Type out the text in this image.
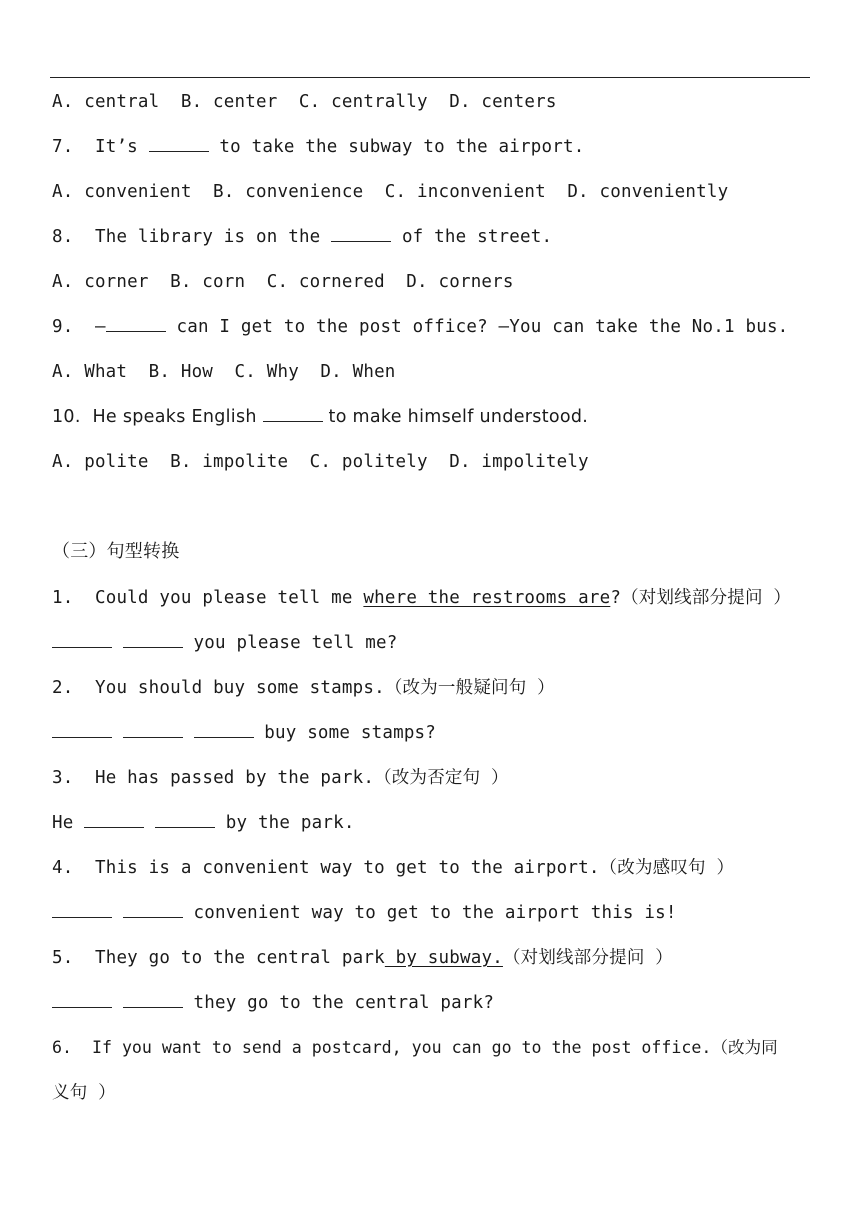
A. central  B. center  C. centrally  D. centers
7. It’s	to take the subway to the airport.
A. convenient  B. convenience  C. inconvenient  D. conveniently
8. The library is on the	of the street.
A. corner  B. corn  C. cornered  D. corners
9. —	can I get to the post office? —You can take the No.1 bus.
A. What  B. How  C. Why  D. When
10. He speaks English	to make himself understood.
A. polite  B. impolite  C. politely  D. impolitely
（三）句型转换
1. Could you please tell me where the restrooms are?（对划线部分提问 ）
you please tell me?
2. You should buy some stamps.（改为一般疑问句 ）
buy some stamps?
3. He has passed by the park.（改为否定句 ）
He	by the park.
4. This is a convenient way to get to the airport.（改为感叹句 ）
convenient way to get to the airport this is!
5. They go to the central park by subway.（对划线部分提问 ）
they go to the central park?
6. If you want to send a postcard, you can go to the post office.（改为同
义句 ）
